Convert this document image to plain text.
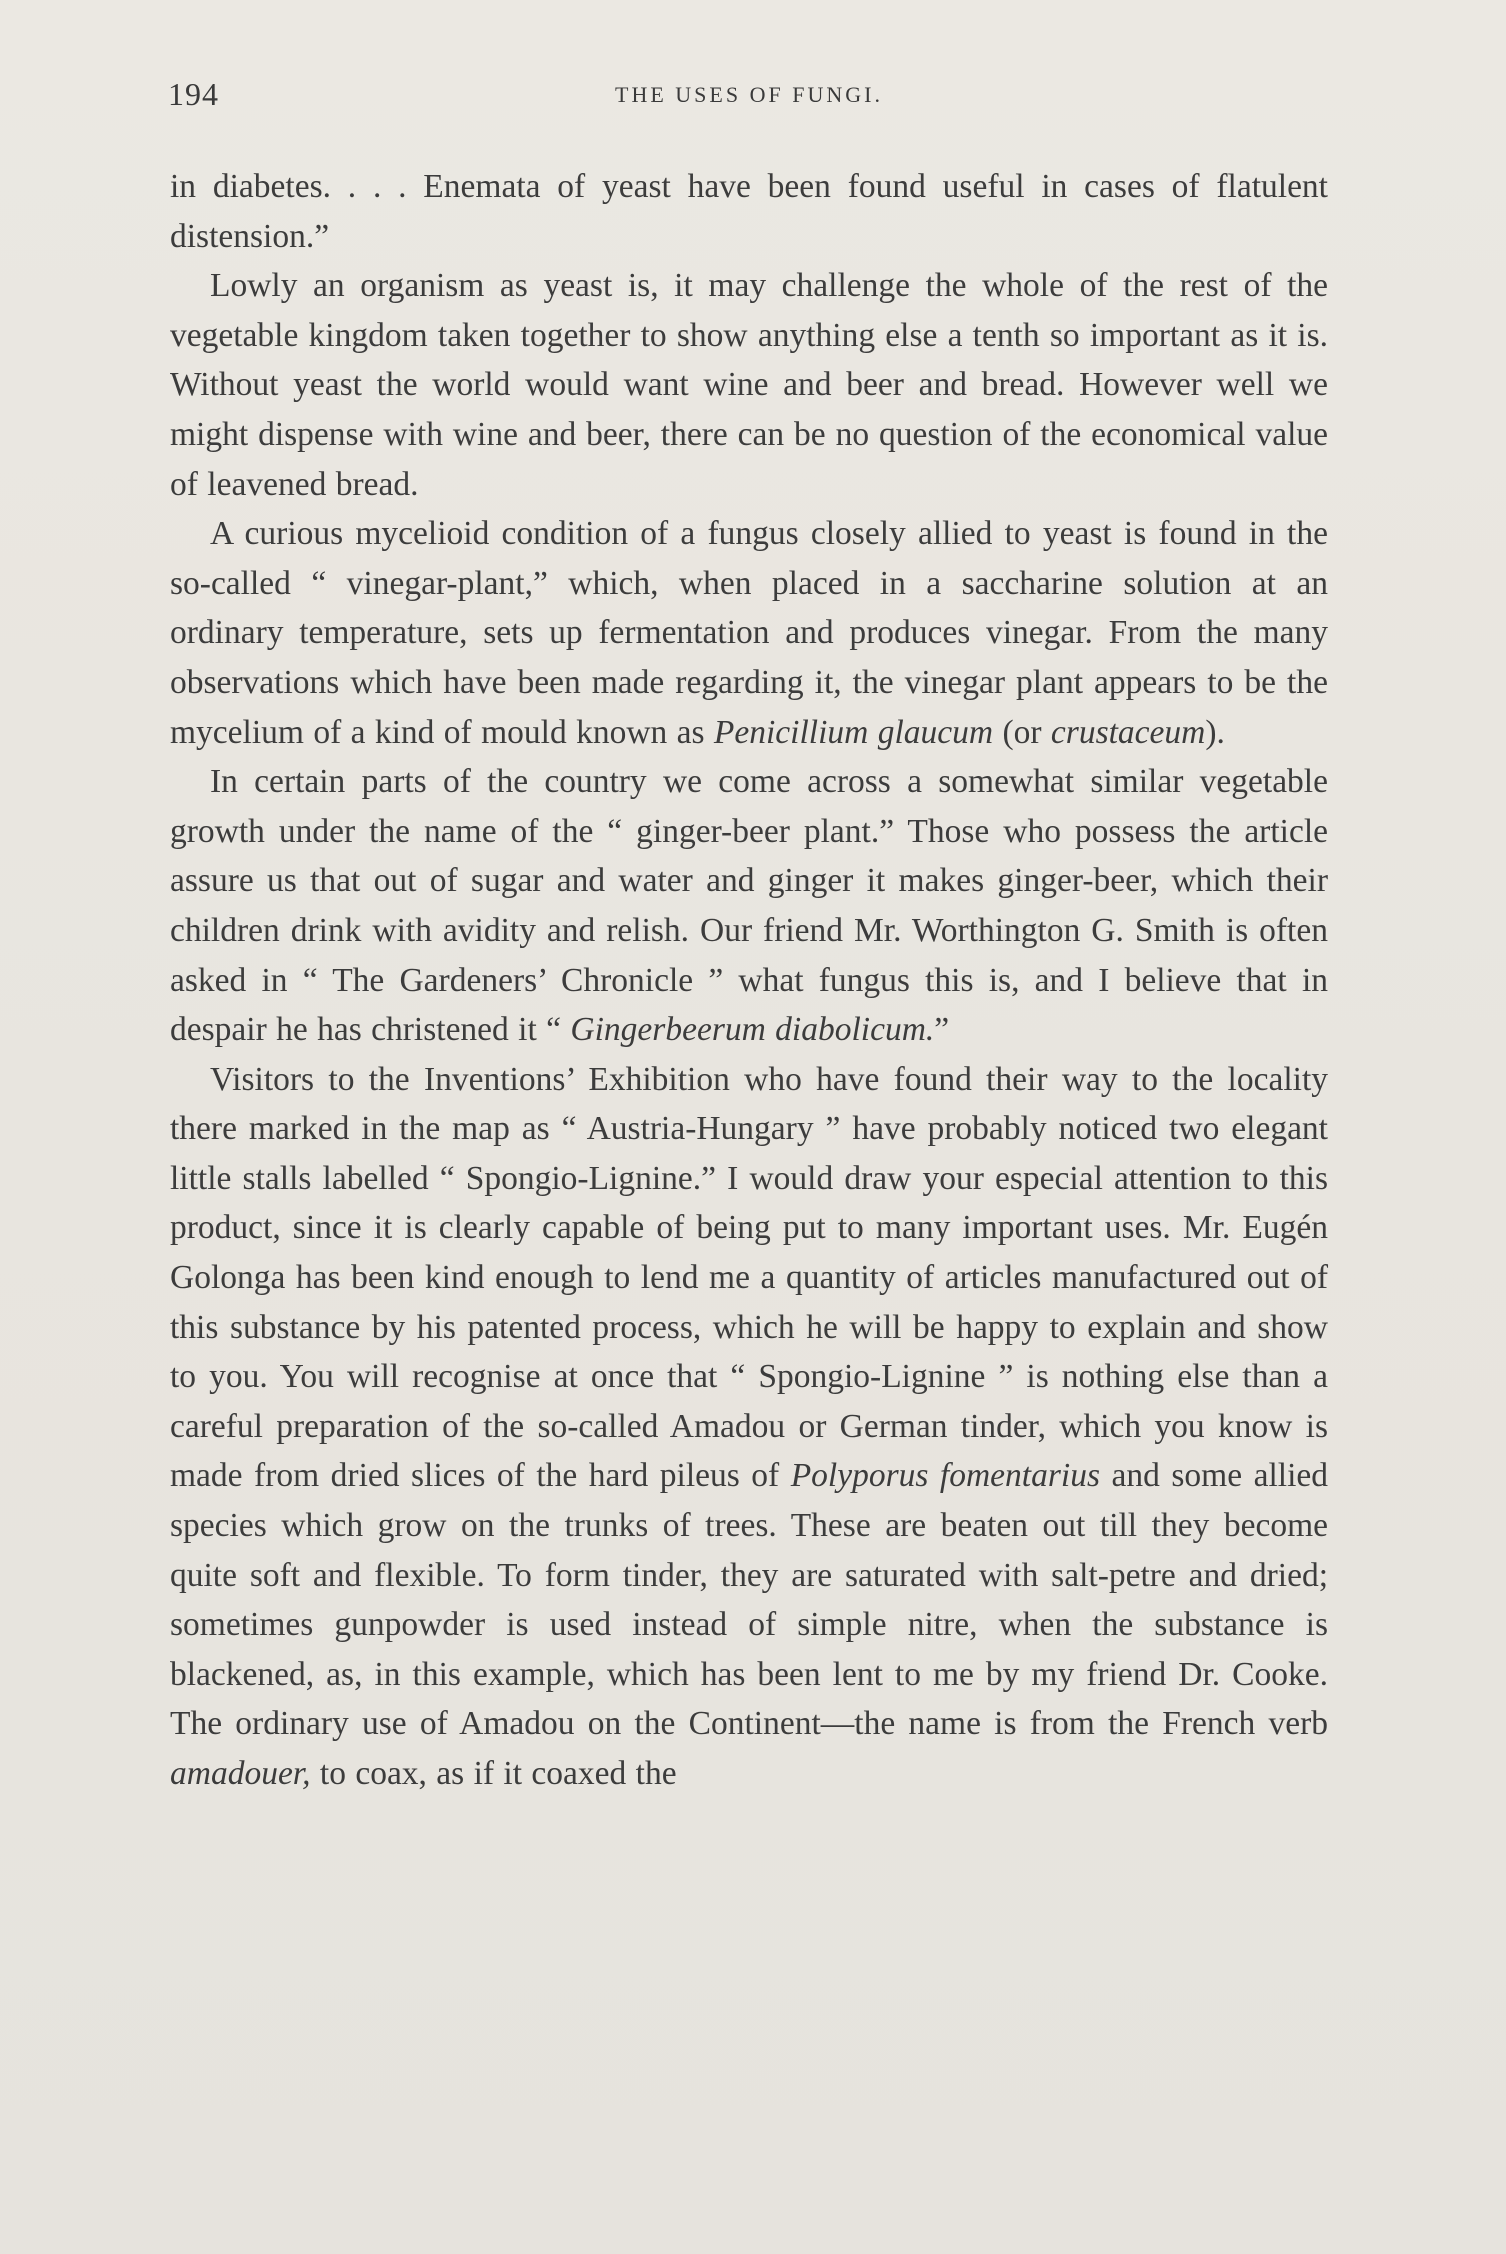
194	THE USES OF FUNGI.

in diabetes. . . . Enemata of yeast have been found useful in cases of flatulent distension.”

Lowly an organism as yeast is, it may challenge the whole of the rest of the vegetable kingdom taken together to show anything else a tenth so important as it is. Without yeast the world would want wine and beer and bread. However well we might dispense with wine and beer, there can be no question of the economical value of leavened bread.

A curious mycelioid condition of a fungus closely allied to yeast is found in the so-called “ vinegar-plant,” which, when placed in a saccharine solution at an ordinary temperature, sets up fermentation and produces vinegar. From the many observations which have been made regarding it, the vinegar plant appears to be the mycelium of a kind of mould known as Penicillium glaucum (or crustaceum).

In certain parts of the country we come across a somewhat similar vegetable growth under the name of the “ ginger-beer plant.” Those who possess the article assure us that out of sugar and water and ginger it makes ginger-beer, which their children drink with avidity and relish. Our friend Mr. Worthington G. Smith is often asked in “ The Gardeners’ Chronicle ” what fungus this is, and I believe that in despair he has christened it “ Gingerbeerum diabolicum.”

Visitors to the Inventions’ Exhibition who have found their way to the locality there marked in the map as “ Austria-Hungary ” have probably noticed two elegant little stalls labelled “ Spongio-Lignine.” I would draw your especial attention to this product, since it is clearly capable of being put to many important uses. Mr. Eugén Golonga has been kind enough to lend me a quantity of articles manufactured out of this substance by his patented process, which he will be happy to explain and show to you. You will recognise at once that “ Spongio-Lignine ” is nothing else than a careful preparation of the so-called Amadou or German tinder, which you know is made from dried slices of the hard pileus of Polyporus fomentarius and some allied species which grow on the trunks of trees. These are beaten out till they become quite soft and flexible. To form tinder, they are saturated with salt-petre and dried; sometimes gunpowder is used instead of simple nitre, when the substance is blackened, as, in this example, which has been lent to me by my friend Dr. Cooke. The ordinary use of Amadou on the Continent—the name is from the French verb amadouer, to coax, as if it coaxed the
